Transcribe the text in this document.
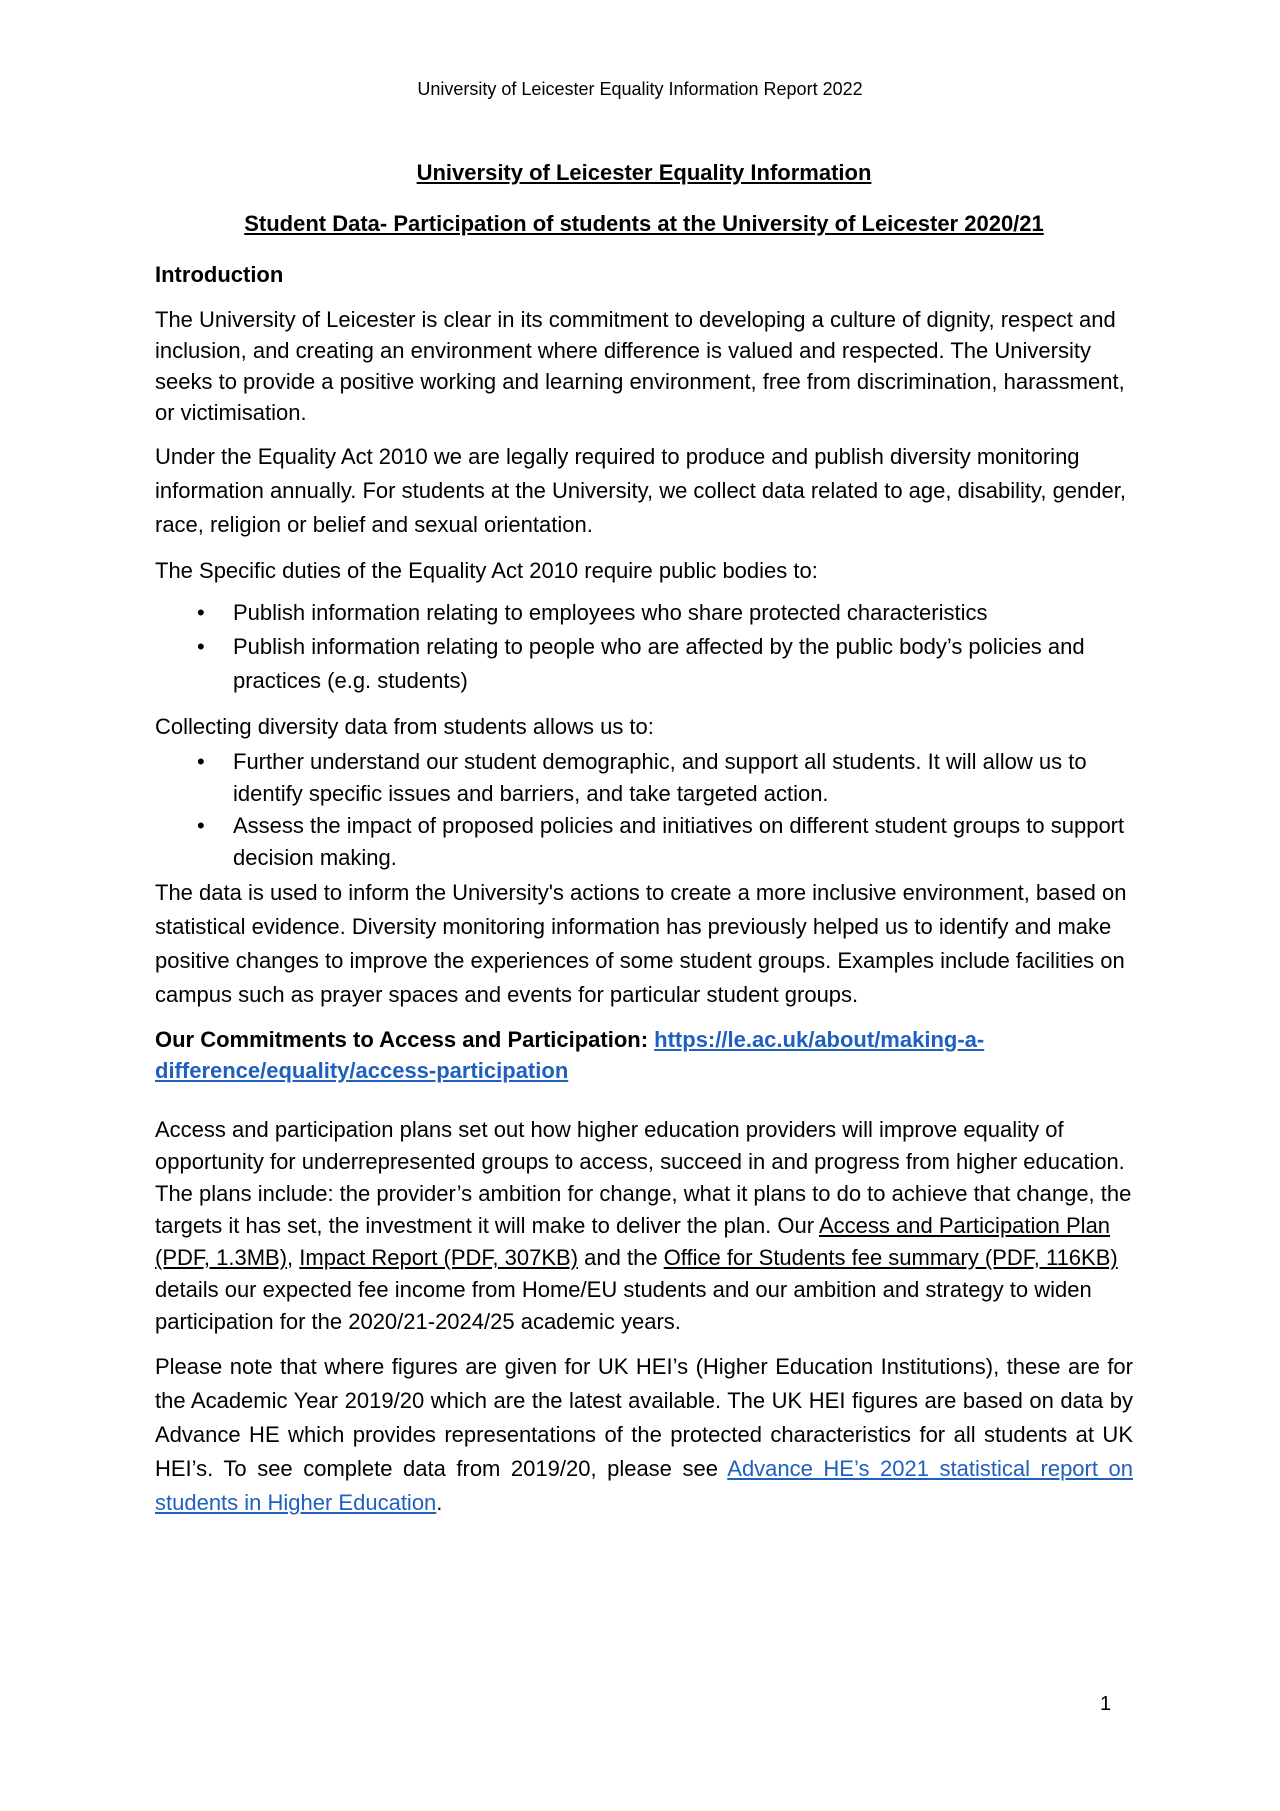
University of Leicester Equality Information Report 2022
University of Leicester Equality Information
Student Data- Participation of students at the University of Leicester 2020/21
Introduction

The University of Leicester is clear in its commitment to developing a culture of dignity, respect and inclusion, and creating an environment where difference is valued and respected. The University seeks to provide a positive working and learning environment, free from discrimination, harassment, or victimisation.

Under the Equality Act 2010 we are legally required to produce and publish diversity monitoring information annually. For students at the University, we collect data related to age, disability, gender, race, religion or belief and sexual orientation.

The Specific duties of the Equality Act 2010 require public bodies to:

• Publish information relating to employees who share protected characteristics
• Publish information relating to people who are affected by the public body’s policies and practices (e.g. students)

Collecting diversity data from students allows us to:

• Further understand our student demographic, and support all students. It will allow us to identify specific issues and barriers, and take targeted action.
• Assess the impact of proposed policies and initiatives on different student groups to support decision making.

The data is used to inform the University's actions to create a more inclusive environment, based on statistical evidence. Diversity monitoring information has previously helped us to identify and make positive changes to improve the experiences of some student groups. Examples include facilities on campus such as prayer spaces and events for particular student groups.

Our Commitments to Access and Participation: https://le.ac.uk/about/making-a-difference/equality/access-participation

Access and participation plans set out how higher education providers will improve equality of opportunity for underrepresented groups to access, succeed in and progress from higher education. The plans include: the provider’s ambition for change, what it plans to do to achieve that change, the targets it has set, the investment it will make to deliver the plan. Our Access and Participation Plan (PDF, 1.3MB), Impact Report (PDF, 307KB) and the Office for Students fee summary (PDF, 116KB) details our expected fee income from Home/EU students and our ambition and strategy to widen participation for the 2020/21-2024/25 academic years.

Please note that where figures are given for UK HEI’s (Higher Education Institutions), these are for the Academic Year 2019/20 which are the latest available. The UK HEI figures are based on data by Advance HE which provides representations of the protected characteristics for all students at UK HEI’s. To see complete data from 2019/20, please see Advance HE’s 2021 statistical report on students in Higher Education.

1
